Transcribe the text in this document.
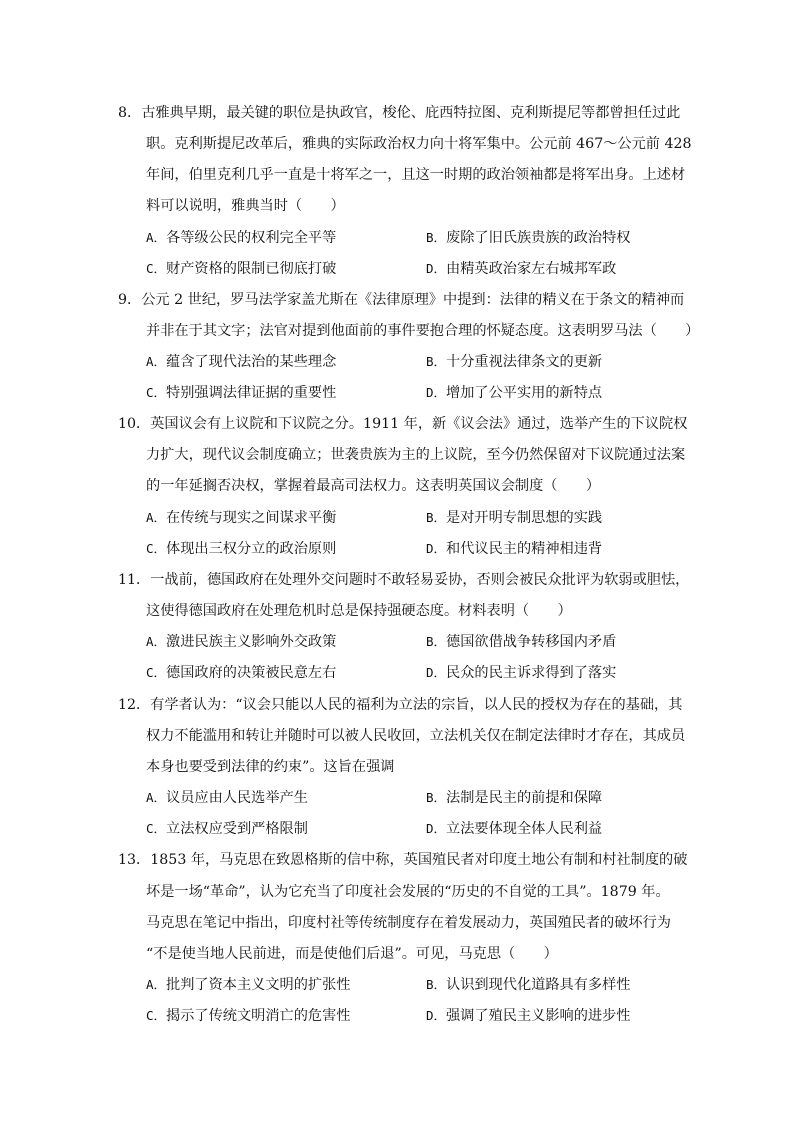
8．古雅典早期，最关键的职位是执政官，梭伦、庇西特拉图、克利斯提尼等都曾担任过此
职。克利斯提尼改革后，雅典的实际政治权力向十将军集中。公元前 467～公元前 428
年间，伯里克利几乎一直是十将军之一，且这一时期的政治领袖都是将军出身。上述材
料可以说明，雅典当时（　　）
A．各等级公民的权利完全平等	B．废除了旧氏族贵族的政治特权
C．财产资格的限制已彻底打破	D．由精英政治家左右城邦军政
9．公元 2 世纪，罗马法学家盖尤斯在《法律原理》中提到：法律的精义在于条文的精神而
并非在于其文字；法官对提到他面前的事件要抱合理的怀疑态度。这表明罗马法（　　）
A．蕴含了现代法治的某些理念	B．十分重视法律条文的更新
C．特别强调法律证据的重要性	D．增加了公平实用的新特点
10．英国议会有上议院和下议院之分。1911 年，新《议会法》通过，选举产生的下议院权
力扩大，现代议会制度确立；世袭贵族为主的上议院，至今仍然保留对下议院通过法案
的一年延搁否决权，掌握着最高司法权力。这表明英国议会制度（　　）
A．在传统与现实之间谋求平衡	B．是对开明专制思想的实践
C．体现出三权分立的政治原则	D．和代议民主的精神相违背
11．一战前，德国政府在处理外交问题时不敢轻易妥协，否则会被民众批评为软弱或胆怯，
这使得德国政府在处理危机时总是保持强硬态度。材料表明（　　）
A．激进民族主义影响外交政策	B．德国欲借战争转移国内矛盾
C．德国政府的决策被民意左右	D．民众的民主诉求得到了落实
12．有学者认为：“议会只能以人民的福利为立法的宗旨，以人民的授权为存在的基础，其
权力不能滥用和转让并随时可以被人民收回，立法机关仅在制定法律时才存在，其成员
本身也要受到法律的约束”。这旨在强调
A．议员应由人民选举产生	B．法制是民主的前提和保障
C．立法权应受到严格限制	D．立法要体现全体人民利益
13．1853 年，马克思在致恩格斯的信中称，英国殖民者对印度土地公有制和村社制度的破
坏是一场“革命”，认为它充当了印度社会发展的“历史的不自觉的工具”。1879 年。
马克思在笔记中指出，印度村社等传统制度存在着发展动力，英国殖民者的破坏行为
“不是使当地人民前进，而是使他们后退”。可见，马克思（　　）
A．批判了资本主义文明的扩张性	B．认识到现代化道路具有多样性
C．揭示了传统文明消亡的危害性	D．强调了殖民主义影响的进步性
